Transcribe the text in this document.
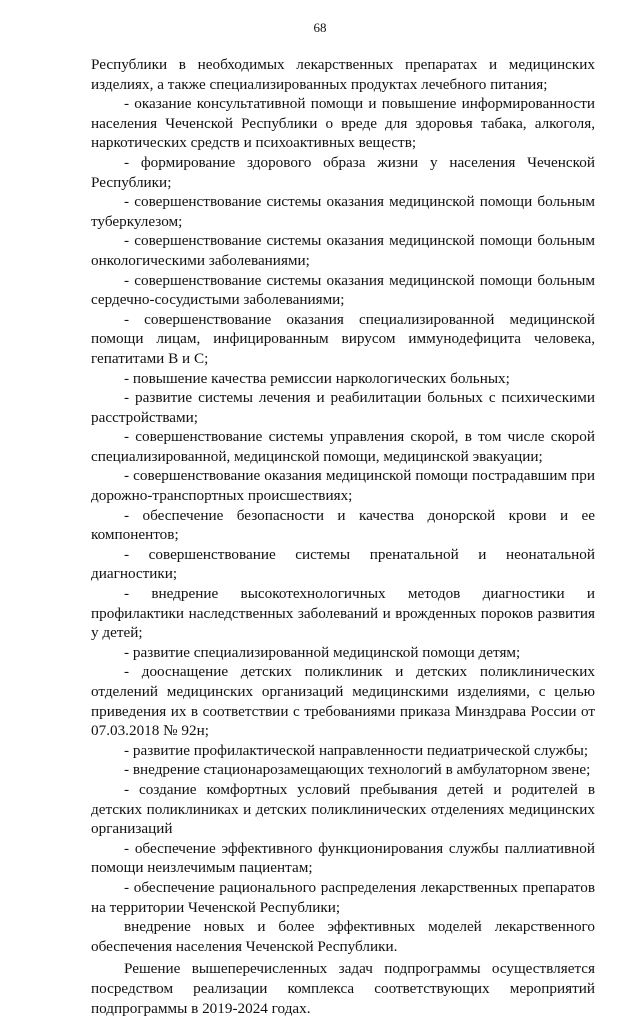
68

Республики в необходимых лекарственных препаратах и медицинских изделиях, а также специализированных продуктах лечебного питания;

- оказание консультативной помощи и повышение информированности населения Чеченской Республики о вреде для здоровья табака, алкоголя, наркотических средств и психоактивных веществ;

- формирование здорового образа жизни у населения Чеченской Республики;

- совершенствование системы оказания медицинской помощи больным туберкулезом;

- совершенствование системы оказания медицинской помощи больным онкологическими заболеваниями;

- совершенствование системы оказания медицинской помощи больным сердечно-сосудистыми заболеваниями;

- совершенствование оказания специализированной медицинской помощи лицам, инфицированным вирусом иммунодефицита человека, гепатитами В и С;

- повышение качества ремиссии наркологических больных;

- развитие системы лечения и реабилитации больных с психическими расстройствами;

- совершенствование системы управления скорой, в том числе скорой специализированной, медицинской помощи, медицинской эвакуации;

- совершенствование оказания медицинской помощи пострадавшим при дорожно-транспортных происшествиях;

- обеспечение безопасности и качества донорской крови и ее компонентов;

- совершенствование системы пренатальной и неонатальной диагностики;

- внедрение высокотехнологичных методов диагностики и профилактики наследственных заболеваний и врожденных пороков развития у детей;

- развитие специализированной медицинской помощи детям;

- дооснащение детских поликлиник и детских поликлинических отделений медицинских организаций медицинскими изделиями, с целью приведения их в соответствии с требованиями приказа Минздрава России от 07.03.2018 № 92н;

- развитие профилактической направленности педиатрической службы;

- внедрение стационарозамещающих технологий в амбулаторном звене;

- создание комфортных условий пребывания детей и родителей в детских поликлиниках и детских поликлинических отделениях медицинских организаций

- обеспечение эффективного функционирования службы паллиативной помощи неизлечимым пациентам;

- обеспечение рационального распределения лекарственных препаратов на территории Чеченской Республики;

внедрение новых и более эффективных моделей лекарственного обеспечения населения Чеченской Республики.

Решение вышеперечисленных задач подпрограммы осуществляется посредством реализации комплекса соответствующих мероприятий подпрограммы в 2019-2024 годах.
